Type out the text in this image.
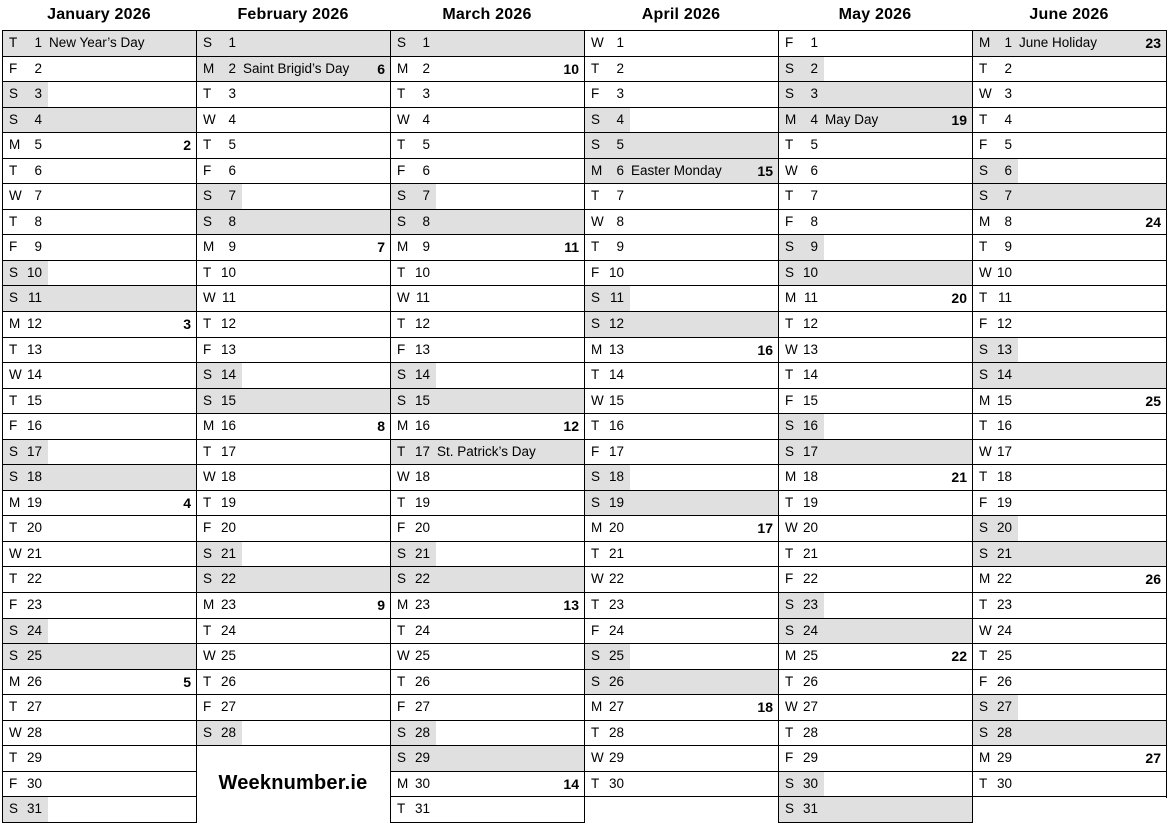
January 2026
T	1 New Year’s Day
F	2
S	3
S	4
M	5	2
T	6
W 7
T	8
F	9
S 10
S 11
M 12	3
T 13
W 14
T 15
F 16
S 17
S 18
M 19	4
T 20
W 21
T 22
F 23
S 24
S 25
M 26	5
T 27
W 28
T 29
F 30
S 31
February 2026
S	1
M	2 Saint Brigid’s Day 6
T	3
W 4
T	5
F	6
S	7
S	8
M	9	7
T 10
W 11
T 12
F 13
S 14
S 15
M 16	8
T 17
W 18
T 19
F 20
S 21
S 22
M 23	9
T 24
W 25
T 26
F 27
S 28
March 2026
S	1
M	2	10
T	3
W 4
T	5
F	6
S	7
S	8
M	9	11
T 10
W 11
T 12
F 13
S 14
S 15
M 16	12
T 17 St. Patrick’s Day
W 18
T 19
F 20
S 21
S 22
M 23	13
T 24
W 25
T 26
F 27
S 28
S 29
M 30	14
T 31
April 2026
W 1
T	2
F	3
S	4
S	5
M	6 Easter Monday	15
T	7
W 8
T	9
F 10
S 11
S 12
M 13	16
T 14
W 15
T 16
F 17
S 18
S 19
M 20	17
T 21
W 22
T 23
F 24
S 25
S 26
M 27	18
T 28
W 29
T 30
May 2026
F	1
S	2
S	3
M	4 May Day	19
T	5
W 6
T	7
F	8
S	9
S 10
M 11	20
T 12
W 13
T 14
F 15
S 16
S 17
M 18	21
T 19
W 20
T 21
F 22
S 23
S 24
M 25	22
T 26
W 27
T 28
F 29
S 30
S 31
June 2026
M	1 June Holiday	23
T	2
W 3
T	4
F	5
S	6
S	7
M	8	24
T	9
W 10
T 11
F 12
S 13
S 14
M 15	25
T 16
W 17
T 18
F 19
S 20
S 21
M 22	26
T 23
W 24
T 25
F 26
S 27
S 28
M 29	27
T 30
Weeknumber.ie
